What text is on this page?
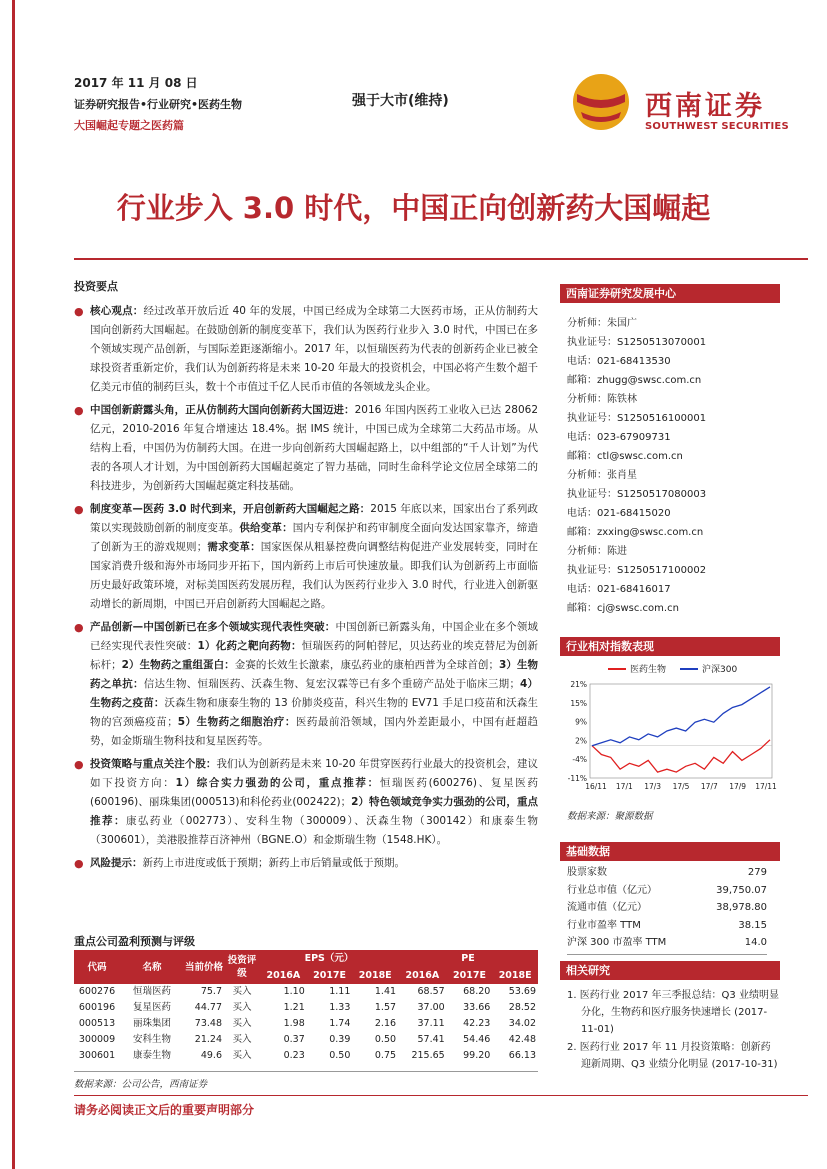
2017 年 11 月 08 日
证券研究报告•行业研究•医药生物
大国崛起专题之医药篇
强于大市(维持)	西南证券
SOUTHWEST SECURITIES
行业步入 3.0 时代，中国正向创新药大国崛起
投资要点
● 核心观点：经过改革开放后近 40 年的发展，中国已经成为全球第二大医药市场，正从仿制药大国向创新药大国崛起。在鼓励创新的制度变革下，我们认为医药行业步入 3.0 时代，中国已在多个领域实现产品创新，与国际差距逐渐缩小。2017 年，以恒瑞医药为代表的创新药企业已被全球投资者重新定价，我们认为创新药将是未来 10-20 年最大的投资机会，中国必将产生数个超千亿美元市值的制药巨头，数十个市值过千亿人民币市值的各领域龙头企业。
● 中国创新蔚露头角，正从仿制药大国向创新药大国迈进：2016 年国内医药工业收入已达 28062 亿元，2010-2016 年复合增速达 18.4%。据 IMS 统计，中国已成为全球第二大药品市场。从结构上看，中国仍为仿制药大国。在进一步向创新药大国崛起路上，以中组部的“千人计划”为代表的各项人才计划，为中国创新药大国崛起奠定了智力基础，同时生命科学论文位居全球第二的科技进步，为创新药大国崛起奠定科技基础。
● 制度变革—医药 3.0 时代到来，开启创新药大国崛起之路：2015 年底以来，国家出台了系列政策以实现鼓励创新的制度变革。供给变革：国内专利保护和药审制度全面向发达国家靠齐，缔造了创新为王的游戏规则；需求变革：国家医保从粗暴控费向调整结构促进产业发展转变，同时在国家消费升级和海外市场同步开拓下，国内新药上市后可快速放量。即我们认为创新药上市面临历史最好政策环境，对标美国医药发展历程，我们认为医药行业步入 3.0 时代，行业进入创新驱动增长的新周期，中国已开启创新药大国崛起之路。
● 产品创新—中国创新已在多个领域实现代表性突破：中国创新已新露头角，中国企业在多个领域已经实现代表性突破：1）化药之靶向药物：恒瑞医药的阿帕替尼，贝达药业的埃克替尼为创新标杆；2）生物药之重组蛋白：金赛的长效生长激素，康弘药业的康柏西普为全球首创；3）生物药之单抗：信达生物、恒瑞医药、沃森生物、复宏汉霖等已有多个重磅产品处于临床三期；4）生物药之疫苗：沃森生物和康泰生物的 13 价肺炎疫苗，科兴生物的 EV71 手足口疫苗和沃森生物的宫颈癌疫苗；5）生物药之细胞治疗：医药最前沿领域，国内外差距最小，中国有赶超趋势，如金斯瑞生物科技和复星医药等。
● 投资策略与重点关注个股：我们认为创新药是未来 10-20 年贯穿医药行业最大的投资机会，建议如下投资方向：1）综合实力强劲的公司，重点推荐：恒瑞医药(600276)、复星医药(600196)、丽珠集团(000513)和科伦药业(002422)；2）特色领域竞争实力强劲的公司，重点推荐：康弘药业（002773）、安科生物（300009）、沃森生物（300142）和康泰生物（300601），美港股推荐百济神州（BGNE.O）和金斯瑞生物（1548.HK）。
● 风险提示：新药上市进度或低于预期；新药上市后销量或低于预期。
重点公司盈利预测与评级
代码	名称	当前价格	投资评级	EPS（元）			PE		
				2016A	2017E	2018E	2016A	2017E	2018E
600276	恒瑞医药	75.7	买入	1.10	1.11	1.41	68.57	68.20	53.69
600196	复星医药	44.77	买入	1.21	1.33	1.57	37.00	33.66	28.52
000513	丽珠集团	73.48	买入	1.98	1.74	2.16	37.11	42.23	34.02
300009	安科生物	21.24	买入	0.37	0.39	0.50	57.41	54.46	42.48
300601	康泰生物	49.6	买入	0.23	0.50	0.75	215.65	99.20	66.13
数据来源：公司公告，西南证券
西南证券研究发展中心
分析师：朱国广
执业证号：S1250513070001
电话：021-68413530
邮箱：zhugg@swsc.com.cn
分析师：陈铁林
执业证号：S1250516100001
电话：023-67909731
邮箱：ctl@swsc.com.cn
分析师：张肖星
执业证号：S1250517080003
电话：021-68415020
邮箱：zxxing@swsc.com.cn
分析师：陈进
执业证号：S1250517100002
电话：021-68416017
邮箱：cj@swsc.com.cn
行业相对指数表现
医药生物	沪深300
21%
15%
9%
2%
-4%
-11%
16/11 17/1 17/3 17/5 17/7 17/9 17/11
数据来源：聚源数据
基础数据
股票家数	279
行业总市值（亿元）	39,750.07
流通市值（亿元）	38,978.80
行业市盈率 TTM	38.15
沪深 300 市盈率 TTM	14.0
相关研究
1. 医药行业 2017 年三季报总结：Q3 业绩明显分化，生物药和医疗服务快速增长 (2017-11-01)
2. 医药行业 2017 年 11 月投资策略：创新药迎新周期、Q3 业绩分化明显 (2017-10-31)
请务必阅读正文后的重要声明部分
